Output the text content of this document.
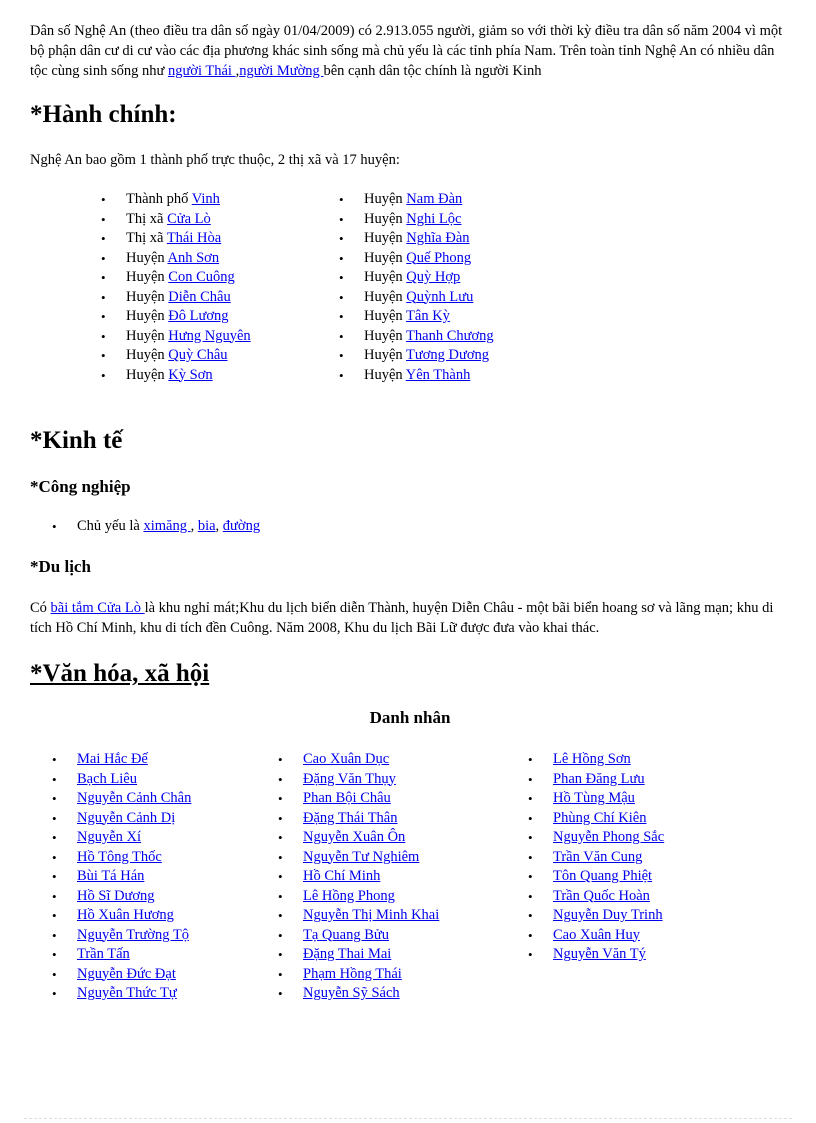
Dân số Nghệ An (theo điều tra dân số ngày 01/04/2009) có 2.913.055 người, giảm so với thời kỳ điều tra dân số năm 2004 vì một bộ phận dân cư di cư vào các địa phương khác sinh sống mà chủ yếu là các tỉnh phía Nam. Trên toàn tỉnh Nghệ An có nhiều dân tộc cùng sinh sống như người Thái ,người Mường bên cạnh dân tộc chính là người Kinh

*Hành chính:

Nghệ An bao gồm 1 thành phố trực thuộc, 2 thị xã và 17 huyện:

• Thành phố Vinh
• Thị xã Cửa Lò
• Thị xã Thái Hòa
• Huyện Anh Sơn
• Huyện Con Cuông
• Huyện Diễn Châu
• Huyện Đô Lương
• Huyện Hưng Nguyên
• Huyện Quỳ Châu
• Huyện Kỳ Sơn
• Huyện Nam Đàn
• Huyện Nghi Lộc
• Huyện Nghĩa Đàn
• Huyện Quế Phong
• Huyện Quỳ Hợp
• Huyện Quỳnh Lưu
• Huyện Tân Kỳ
• Huyện Thanh Chương
• Huyện Tương Dương
• Huyện Yên Thành
*Kinh tế
*Công nghiệp
• Chủ yếu là ximăng , bia, đường
*Du lịch

Có bãi tắm Cửa Lò là khu nghỉ mát;Khu du lịch biển diễn Thành, huyện Diễn Châu - một bãi biển hoang sơ và lãng mạn; khu di tích Hồ Chí Minh, khu di tích đền Cuông. Năm 2008, Khu du lịch Bãi Lữ được đưa vào khai thác.

*Văn hóa, xã hội
Danh nhân
• Mai Hắc Đế
• Bạch Liêu
• Nguyễn Cảnh Chân
• Nguyễn Cảnh Dị
• Nguyễn Xí
• Hồ Tông Thốc
• Bùi Tá Hán
• Hồ Sĩ Dương
• Hồ Xuân Hương
• Nguyễn Trường Tộ
• Trần Tấn
• Nguyễn Đức Đạt
• Nguyễn Thức Tự
• Cao Xuân Dục
• Đặng Văn Thụy
• Phan Bội Châu
• Đặng Thái Thân
• Nguyễn Xuân Ôn
• Nguyễn Tư Nghiêm
• Hồ Chí Minh
• Lê Hồng Phong
• Nguyễn Thị Minh Khai
• Tạ Quang Bửu
• Đặng Thai Mai
• Phạm Hồng Thái
• Nguyễn Sỹ Sách
• Lê Hồng Sơn
• Phan Đăng Lưu
• Hồ Tùng Mậu
• Phùng Chí Kiên
• Nguyễn Phong Sắc
• Trần Văn Cung
• Tôn Quang Phiệt
• Trần Quốc Hoàn
• Nguyễn Duy Trinh
• Cao Xuân Huy
• Nguyễn Văn Tý
